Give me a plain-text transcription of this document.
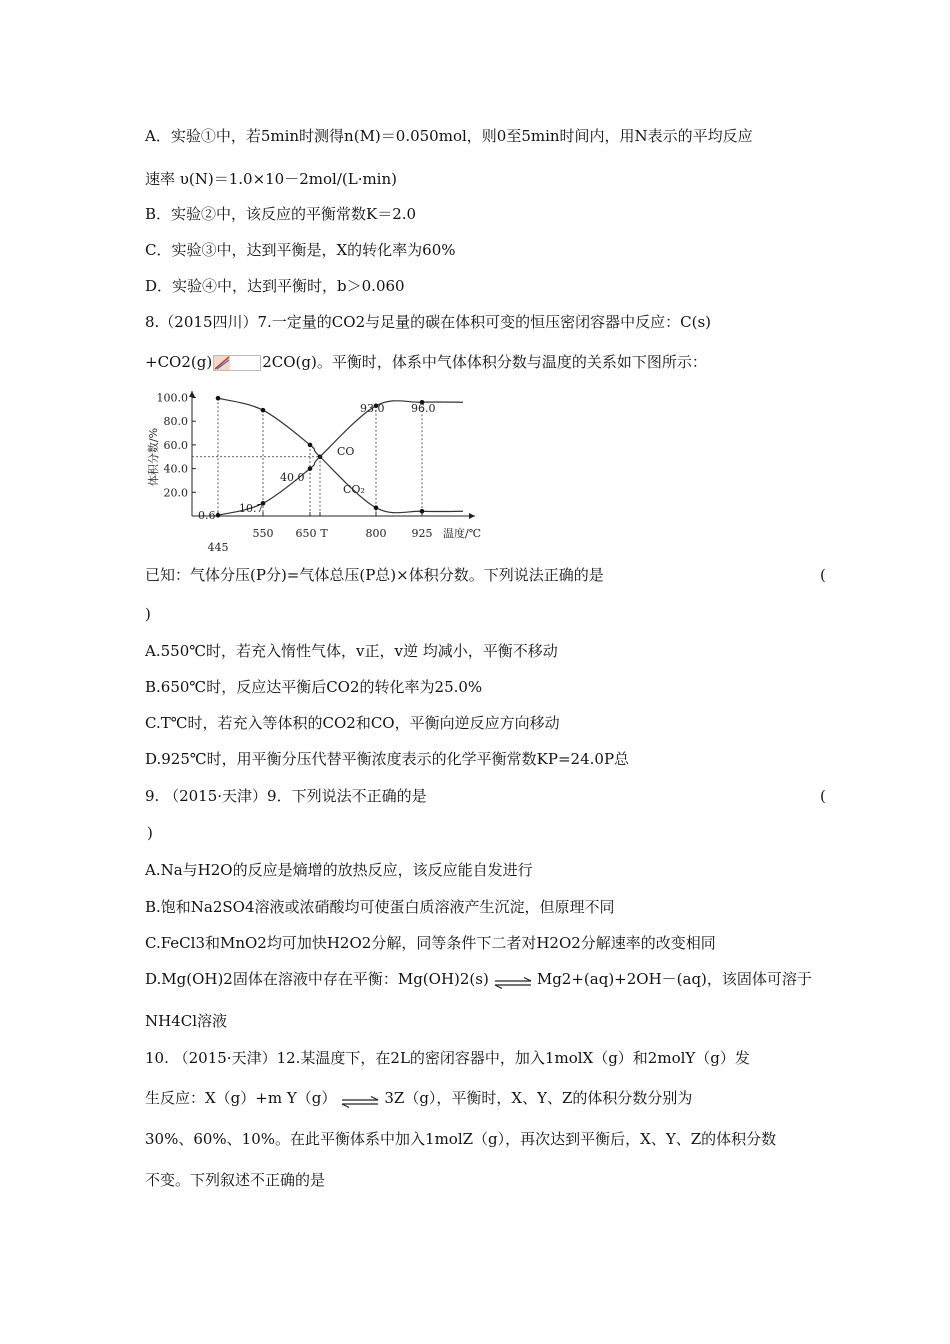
A．实验①中，若5min时测得n(M)＝0.050mol，则0至5min时间内，用N表示的平均反应
速率 υ(N)＝1.0×10－2mol/(L·min)
B．实验②中，该反应的平衡常数K＝2.0
C．实验③中，达到平衡是，X的转化率为60%
D．实验④中，达到平衡时，b＞0.060
8.（2015四川）7.一定量的CO2与足量的碳在体积可变的恒压密闭容器中反应：C(s)
+CO2(g)	2CO(g)。平衡时，体系中气体体积分数与温度的关系如下图所示：
体积分数/%
100.0
80.0
60.0
40.0
20.0
445
550 650 T	800 925 温度/℃
CO
CO₂
0.6
10.7
40.0
93.0 96.0
已知：气体分压(P分)=气体总压(P总)×体积分数。下列说法正确的是	(
)
A.550℃时，若充入惰性气体，v正，v逆 均减小，平衡不移动
B.650℃时，反应达平衡后CO2的转化率为25.0%
C.T℃时，若充入等体积的CO2和CO，平衡向逆反应方向移动
D.925℃时，用平衡分压代替平衡浓度表示的化学平衡常数KP=24.0P总
9. （2015·天津）9．下列说法不正确的是	(
)
A.Na与H2O的反应是熵增的放热反应，该反应能自发进行
B.饱和Na2SO4溶液或浓硝酸均可使蛋白质溶液产生沉淀，但原理不同
C.FeCl3和MnO2均可加快H2O2分解，同等条件下二者对H2O2分解速率的改变相同
D.Mg(OH)2固体在溶液中存在平衡：Mg(OH)2(s) ⇌ Mg2+(aq)+2OH－(aq)，该固体可溶于
NH4Cl溶液
10. （2015·天津）12.某温度下，在2L的密闭容器中，加入1molX（g）和2molY（g）发
生反应：X（g）+m Y（g） ⇌ 3Z（g），平衡时，X、Y、Z的体积分数分别为
30%、60%、10%。在此平衡体系中加入1molZ（g），再次达到平衡后，X、Y、Z的体积分数
不变。下列叙述不正确的是
